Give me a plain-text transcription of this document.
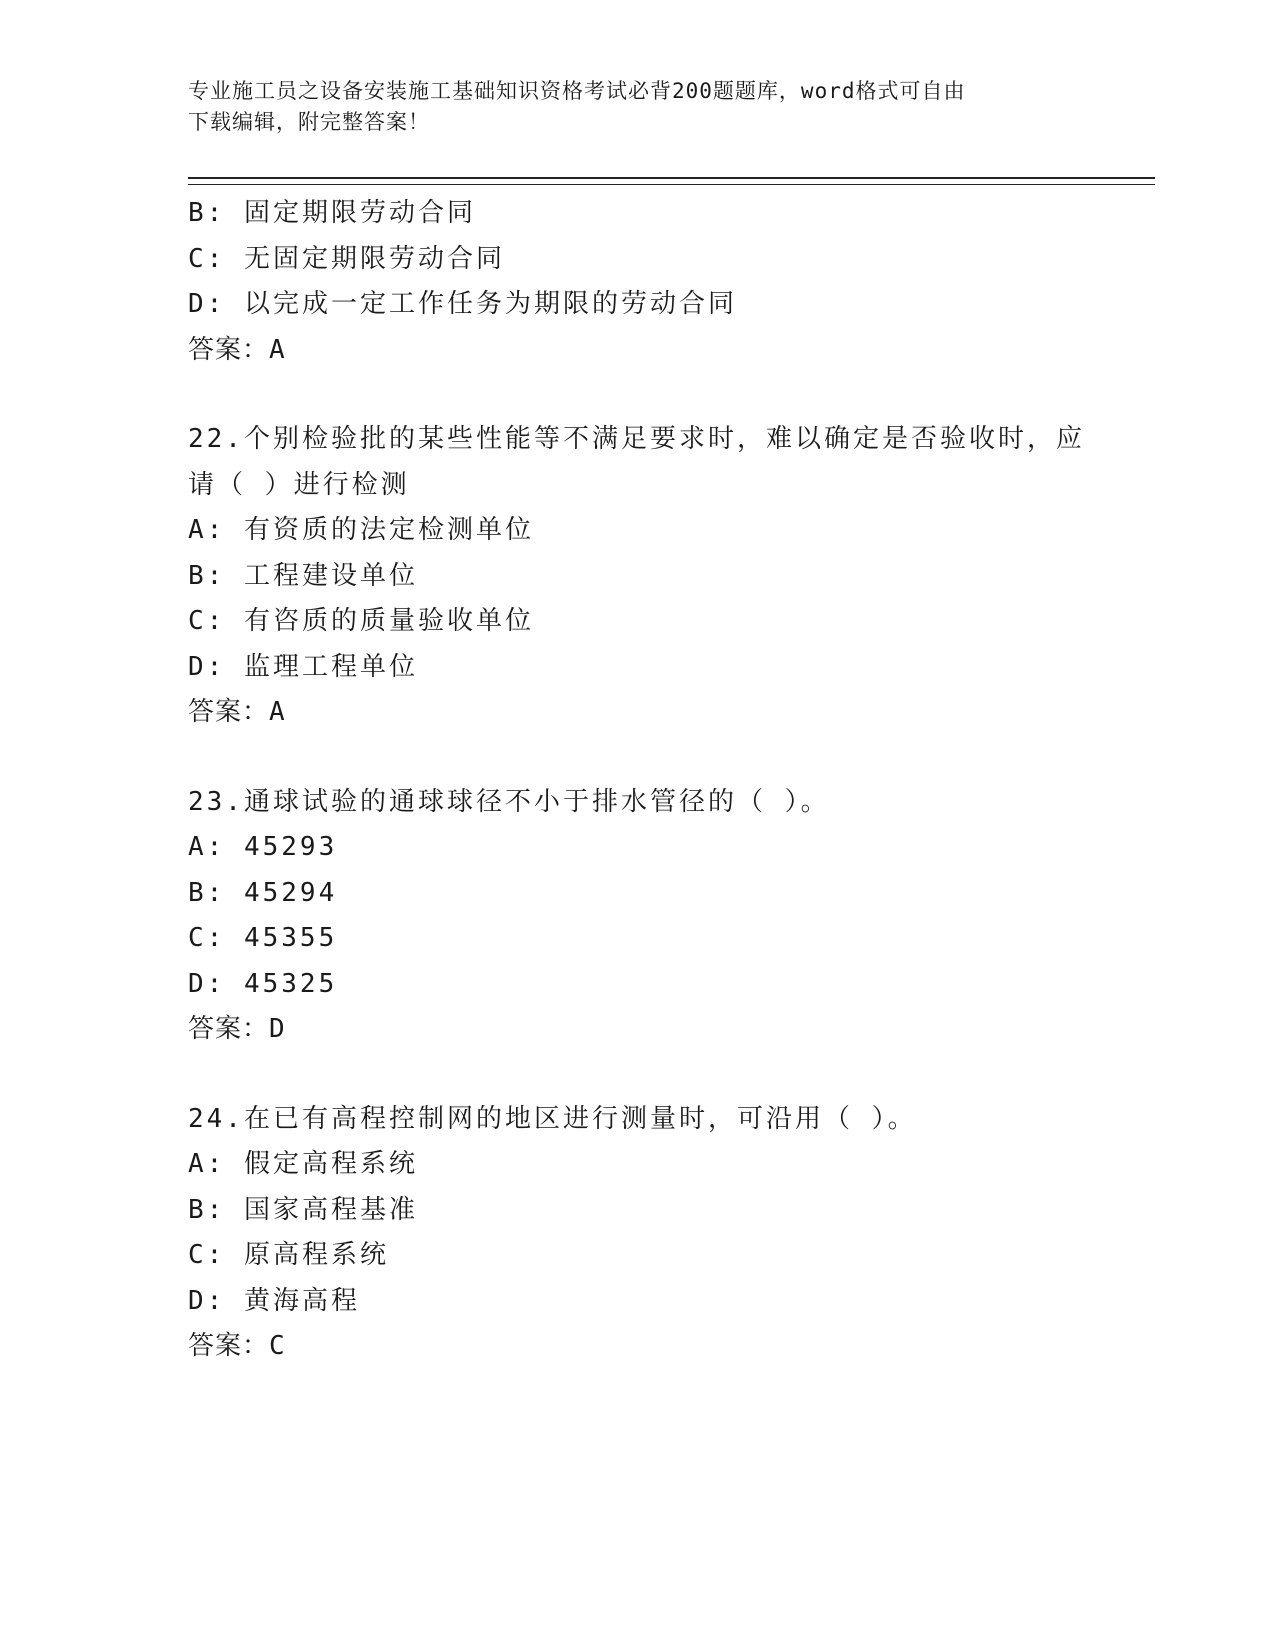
专业施工员之设备安装施工基础知识资格考试必背200题题库，word格式可自由
下载编辑，附完整答案！
B: 固定期限劳动合同
C: 无固定期限劳动合同
D: 以完成一定工作任务为期限的劳动合同
答案：A
22.个别检验批的某些性能等不满足要求时，难以确定是否验收时，应
请（ ）进行检测
A: 有资质的法定检测单位
B: 工程建设单位
C: 有咨质的质量验收单位
D: 监理工程单位
答案：A
23.通球试验的通球球径不小于排水管径的（ ）。
A: 45293
B: 45294
C: 45355
D: 45325
答案：D
24.在已有高程控制网的地区进行测量时，可沿用（ ）。
A: 假定高程系统
B: 国家高程基准
C: 原高程系统
D: 黄海高程
答案：C
